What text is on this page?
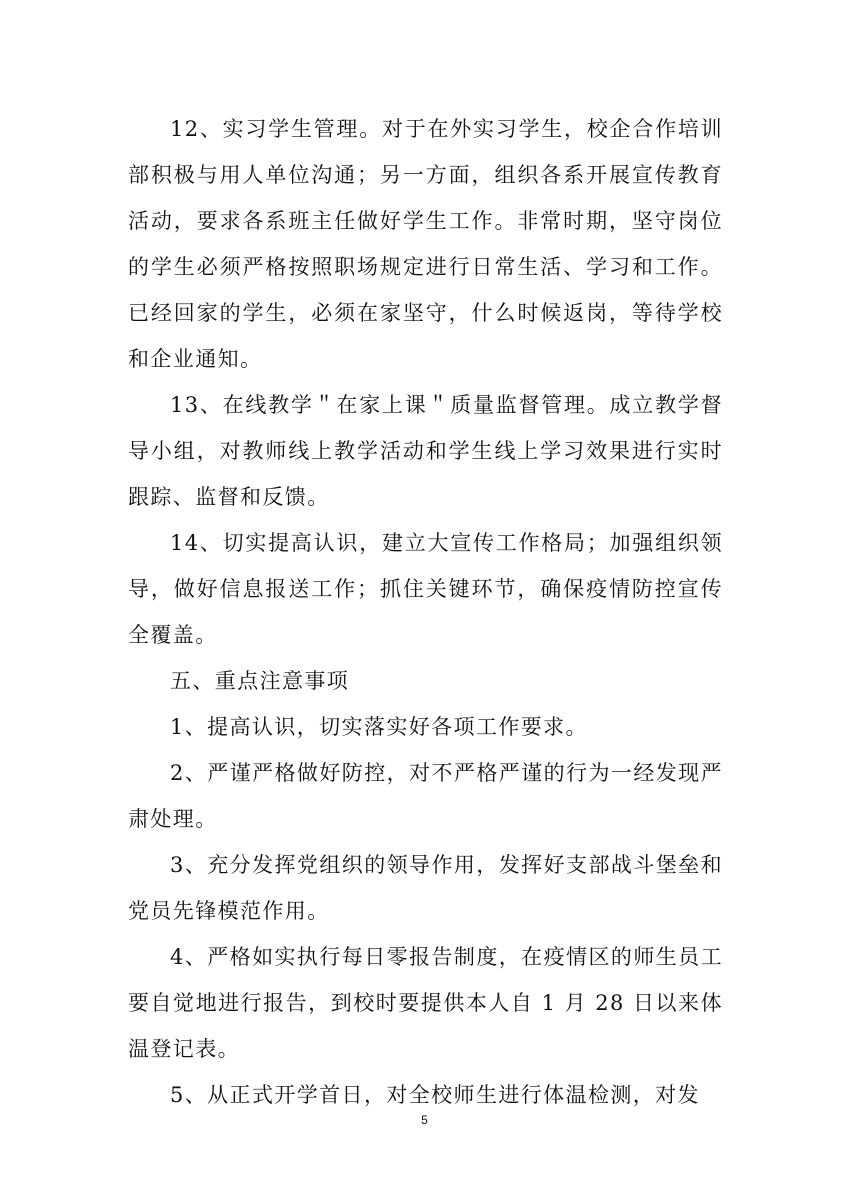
12、实习学生管理。对于在外实习学生，校企合作培训部积极与用人单位沟通；另一方面，组织各系开展宣传教育活动，要求各系班主任做好学生工作。非常时期，坚守岗位的学生必须严格按照职场规定进行日常生活、学习和工作。已经回家的学生，必须在家坚守，什么时候返岗，等待学校和企业通知。

13、在线教学＂在家上课＂质量监督管理。成立教学督导小组，对教师线上教学活动和学生线上学习效果进行实时跟踪、监督和反馈。

14、切实提高认识，建立大宣传工作格局；加强组织领导，做好信息报送工作；抓住关键环节，确保疫情防控宣传全覆盖。

五、重点注意事项

1、提高认识，切实落实好各项工作要求。

2、严谨严格做好防控，对不严格严谨的行为一经发现严肃处理。

3、充分发挥党组织的领导作用，发挥好支部战斗堡垒和党员先锋模范作用。

4、严格如实执行每日零报告制度，在疫情区的师生员工要自觉地进行报告，到校时要提供本人自 1 月 28 日以来体温登记表。

5、从正式开学首日，对全校师生进行体温检测，对发

5
